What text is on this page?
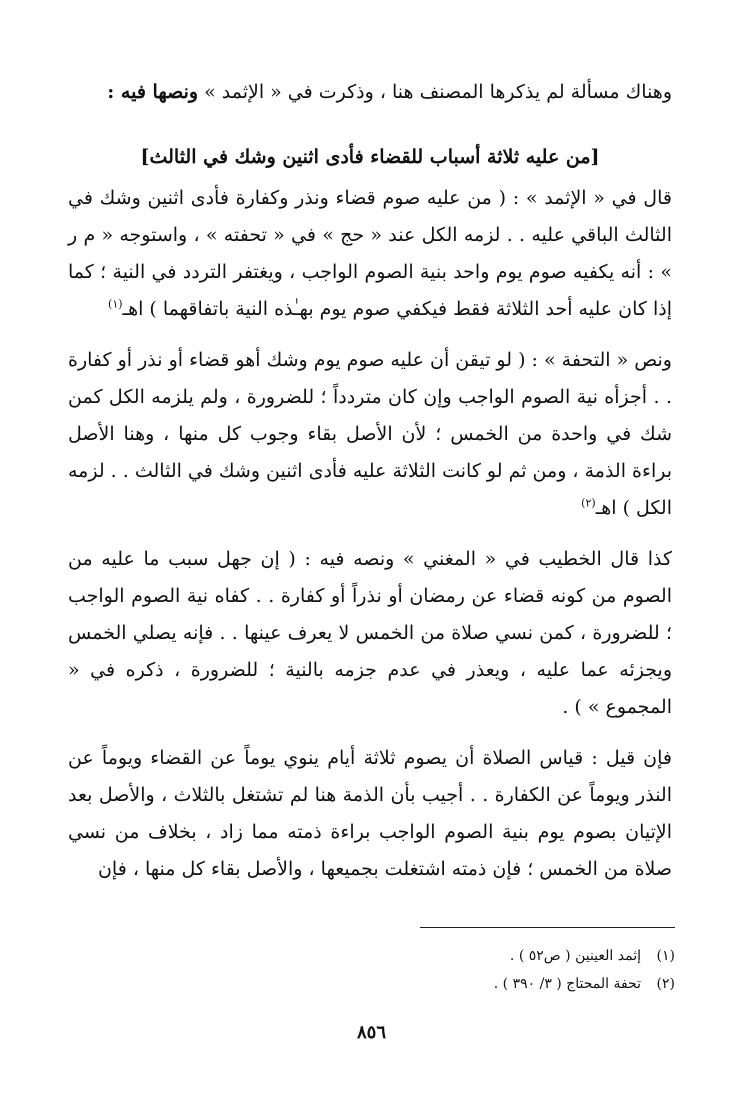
وهناك مسألة لم يذكرها المصنف هنا ، وذكرت في « الإثمد » ونصها فيه :

[من عليه ثلاثة أسباب للقضاء فأدى اثنين وشك في الثالث]

قال في « الإثمد » : ( من عليه صوم قضاء ونذر وكفارة فأدى اثنين وشك في الثالث الباقي عليه . . لزمه الكل عند « حج » في « تحفته » ، واستوجه « م ر » : أنه يكفيه صوم يوم واحد بنية الصوم الواجب ، ويغتفر التردد في النية ؛ كما إذا كان عليه أحد الثلاثة فقط فيكفي صوم يوم بهـٰذه النية باتفاقهما ) اهـ$^{(١)}$

ونص « التحفة » : ( لو تيقن أن عليه صوم يوم وشك أهو قضاء أو نذر أو كفارة . . أجزأه نية الصوم الواجب وإن كان متردداً ؛ للضرورة ، ولم يلزمه الكل كمن شك في واحدة من الخمس ؛ لأن الأصل بقاء وجوب كل منها ، وهنا الأصل براءة الذمة ، ومن ثم لو كانت الثلاثة عليه فأدى اثنين وشك في الثالث . . لزمه الكل ) اهـ$^{(٢)}$

كذا قال الخطيب في « المغني » ونصه فيه : ( إن جهل سبب ما عليه من الصوم من كونه قضاء عن رمضان أو نذراً أو كفارة . . كفاه نية الصوم الواجب ؛ للضرورة ، كمن نسي صلاة من الخمس لا يعرف عينها . . فإنه يصلي الخمس ويجزئه عما عليه ، ويعذر في عدم جزمه بالنية ؛ للضرورة ، ذكره في « المجموع » ) .

فإن قيل : قياس الصلاة أن يصوم ثلاثة أيام ينوي يوماً عن القضاء ويوماً عن النذر ويوماً عن الكفارة . . أجيب بأن الذمة هنا لم تشتغل بالثلاث ، والأصل بعد الإتيان بصوم يوم بنية الصوم الواجب براءة ذمته مما زاد ، بخلاف من نسي صلاة من الخمس ؛ فإن ذمته اشتغلت بجميعها ، والأصل بقاء كل منها ، فإن

(١)إثمد العينين ( ص٥٢ ) .
(٢)تحفة المحتاج ( ٣/ ٣٩٠ ) .
٨٥٦
